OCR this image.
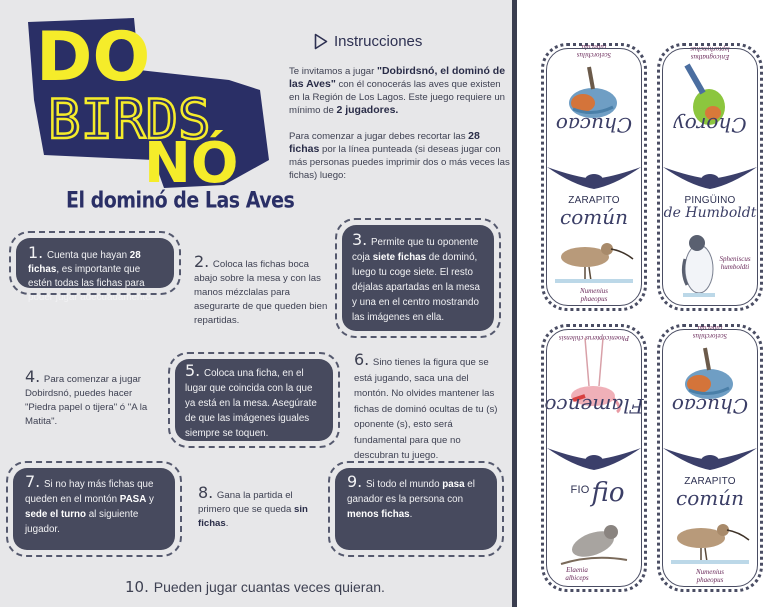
DO
BIRDS
NÓ
El dominó de Las Aves
Instrucciones

Te invitamos a jugar "Dobirdsnó, el dominó de las Aves" con él conocerás las aves que existen en la Región de Los Lagos. Este juego requiere un mínimo de 2 jugadores.

Para comenzar a jugar debes recortar las 28 fichas por la línea punteada (si deseas jugar con más personas puedes imprimir dos o más veces las fichas) luego:

1. Cuenta que hayan 28 fichas, es importante que estén todas las fichas para poder jugar adecuadamente.
2. Coloca las fichas boca abajo sobre la mesa y con las manos mézclalas para asegurarte de que queden bien repartidas.
3. Permite que tu oponente coja siete fichas de dominó, luego tu coge siete. El resto déjalas apartadas en la mesa y una en el centro mostrando las imágenes en ella.
4. Para comenzar a jugar Dobirdsnó, puedes hacer "Piedra papel o tijera" ó "A la Matita".
5. Coloca una ficha, en el lugar que coincida con la que ya está en la mesa. Asegúrate de que las imágenes iguales siempre se toquen.
6. Sino tienes la figura que se está jugando, saca una del montón. No olvides mantener las fichas de dominó ocultas de tu (s) oponente (s), esto será fundamental para que no descubran tu juego.
7. Si no hay más fichas que queden en el montón PASA y sede el turno al siguiente jugador.
8. Gana la partida el primero que se queda sin fichas.
9. Si todo el mundo pasa el ganador es la persona con menos fichas.
10. Pueden jugar cuantas veces quieran.
Chucao
Scelorchilus rubecula
ZARAPITO
común
Numenius phaeopus
Choroy
Enicognathus leptorhynchus
PINGÜINO
de Humboldt
Spheniscus humboldti
Flamenco
Phoenicopterus chilensis
FIO fio
Elaenia albiceps
Chucao
Scelorchilus rubecula
ZARAPITO
común
Numenius phaeopus
